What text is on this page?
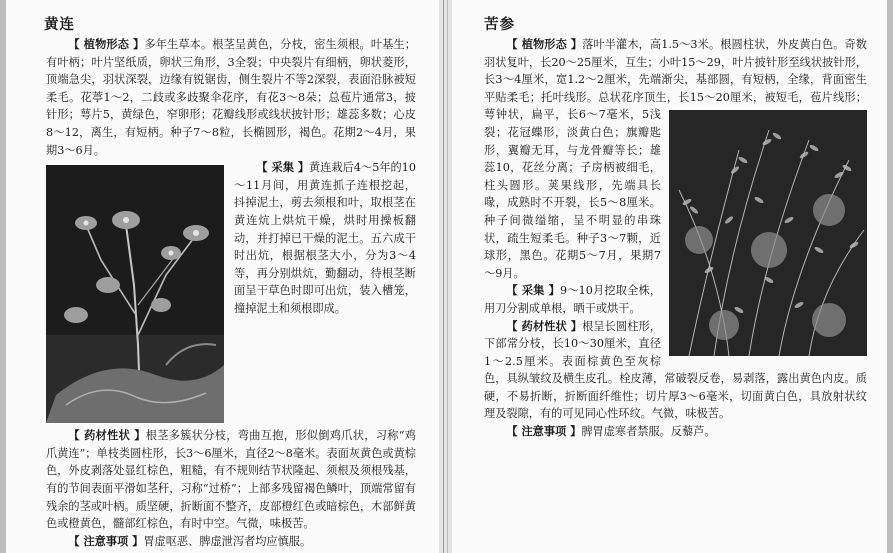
黄连

【 植物形态 】多年生草本。根茎呈黄色，分枝，密生须根。叶基生；有叶柄；叶片坚纸质，卵状三角形，3全裂；中央裂片有细柄，卵状菱形，顶端急尖，羽状深裂，边缘有锐锯齿，侧生裂片不等2深裂，表面沿脉被短柔毛。花葶1～2，二歧或多歧聚伞花序，有花3～8朵；总苞片通常3，披针形；萼片5，黄绿色，窄卵形；花瓣线形或线状披针形；雄蕊多数；心皮8～12，离生，有短柄。种子7～8粒，长椭圆形，褐色。花期2～4月，果期3～6月。

【 采集 】黄连栽后4～5年的10～11月间，用黄连抓子连根挖起，抖掉泥土，剪去须根和叶，取根茎在黄连炕上烘炕干燥，烘时用操板翻动，并打掉已干燥的泥土。五六成干时出炕，根据根茎大小，分为3～4等，再分别烘炕，勤翻动，待根茎断面呈干草色时即可出炕，装入槽笼，撞掉泥土和须根即成。

【 药材性状 】根茎多簇状分枝，弯曲互抱，形似倒鸡爪状，习称“鸡爪黄连”；单枝类圆柱形，长3～6厘米，直径2～8毫米。表面灰黄色或黄棕色，外皮剥落处显红棕色，粗糙，有不规则结节状隆起、须根及须根残基，有的节间表面平滑如茎秆，习称“过桥”；上部多残留褐色鳞叶，顶端常留有残余的茎或叶柄。质坚硬，折断面不整齐，皮部橙红色或暗棕色，木部鲜黄色或橙黄色，髓部红棕色，有时中空。气微，味极苦。

【 注意事项 】胃虚呕恶、脾虚泄泻者均应慎服。

苦参

【 植物形态 】落叶半灌木，高1.5～3米。根圆柱状，外皮黄白色。奇数羽状复叶，长20～25厘米，互生；小叶15～29，叶片披针形至线状披针形，长3～4厘米，宽1.2～2厘米，先端渐尖，基部圆，有短柄，全缘，背面密生平贴柔毛；托叶线形。总状花序顶生，长15～20厘米，被短毛，苞片线形；萼钟状，扁平，长6～7毫米，
5浅裂；花冠蝶形，淡黄白色；旗瓣匙形，翼瓣无耳，与龙骨瓣等长；雄蕊10，花丝分离；子房柄被细毛，柱头圆形。荚果线形，先端具长喙，成熟时不开裂，长5～8厘米。种子间微缢缩，呈不明显的串珠状，疏生短柔毛。种子3～7颗，近球形，黑色。花期5～7月，果期7～9月。

【 采集 】9～10月挖取全株，用刀分割成单根，晒干或烘干。

【 药材性状 】根呈长圆柱形，下部常分枝，长10～30厘米，直径1～2.5厘米。表面棕黄色至灰棕色，具纵皱纹及横生皮孔。栓皮薄，常破裂反卷，易剥落，露出黄色内皮。质硬，不易折断，折断面纤维性；切片厚3～6毫米，切面黄白色，具放射状纹理及裂隙，有的可见同心性环纹。气微，味极苦。

【 注意事项 】脾胃虚寒者禁服。反藜芦。
